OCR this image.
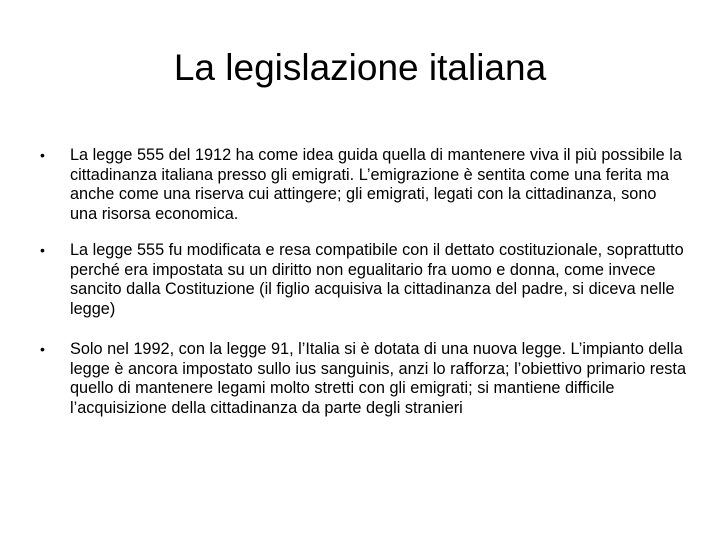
La legislazione italiana
•	La legge 555 del 1912 ha come idea guida quella di mantenere viva il più possibile la cittadinanza italiana presso gli emigrati. L’emigrazione è sentita come una ferita ma anche come una riserva cui attingere; gli emigrati, legati con la cittadinanza, sono una risorsa economica.
•	La legge 555 fu modificata e resa compatibile con il dettato costituzionale, soprattutto perché era impostata su un diritto non egualitario fra uomo e donna, come invece sancito dalla Costituzione (il figlio acquisiva la cittadinanza del padre, si diceva nelle legge)
•	Solo nel 1992, con la legge 91, l’Italia si è dotata di una nuova legge. L’impianto della legge è ancora impostato sullo ius sanguinis, anzi lo rafforza; l’obiettivo primario resta quello di mantenere legami molto stretti con gli emigrati; si mantiene difficile l’acquisizione della cittadinanza da parte degli stranieri
